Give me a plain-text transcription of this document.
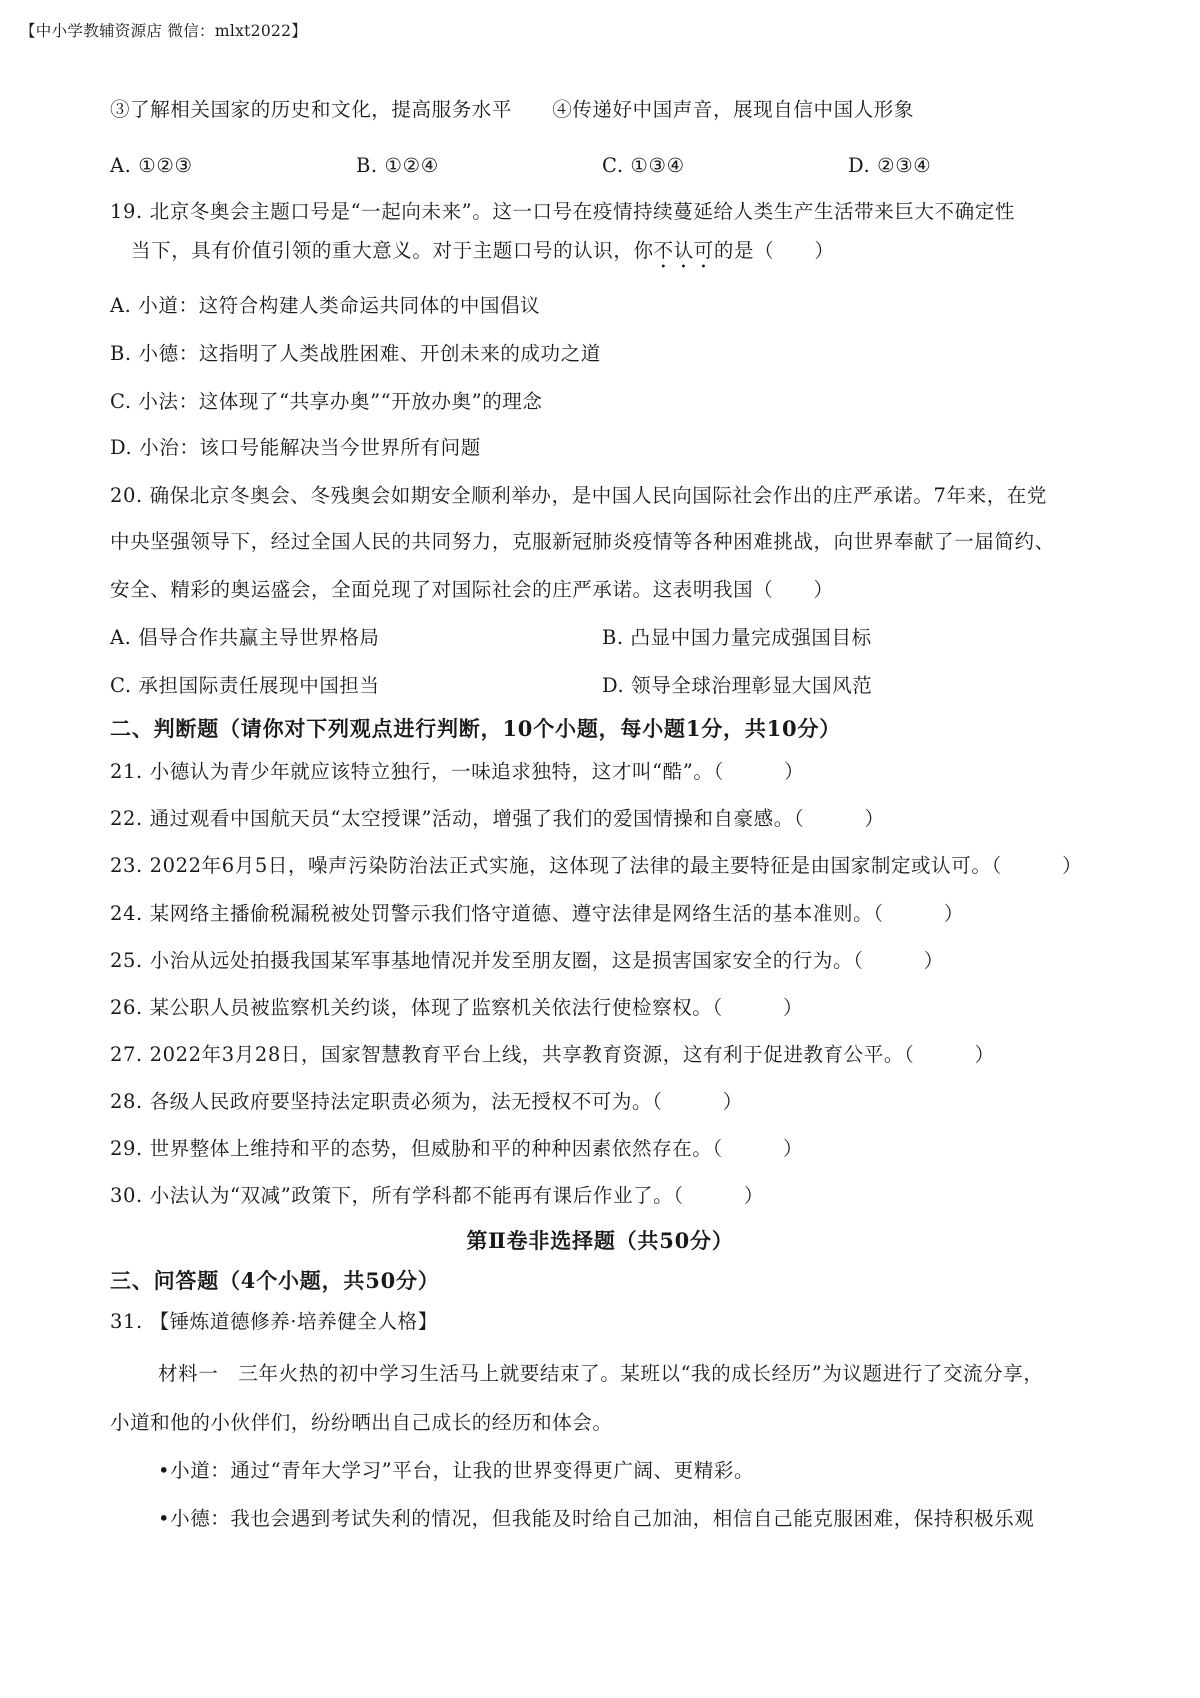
【中小学教辅资源店 微信：mlxt2022】
③了解相关国家的历史和文化，提高服务水平　　④传递好中国声音，展现自信中国人形象
A. ①②③	B. ①②④	C. ①③④	D. ②③④
19. 北京冬奥会主题口号是“一起向未来”。这一口号在疫情持续蔓延给人类生产生活带来巨大不确定性
当下，具有价值引领的重大意义。对于主题口号的认识，你不认可的是（　　）
A. 小道：这符合构建人类命运共同体的中国倡议
B. 小德：这指明了人类战胜困难、开创未来的成功之道
C. 小法：这体现了“共享办奥”“开放办奥”的理念
D. 小治：该口号能解决当今世界所有问题
20. 确保北京冬奥会、冬残奥会如期安全顺利举办，是中国人民向国际社会作出的庄严承诺。7年来，在党
中央坚强领导下，经过全国人民的共同努力，克服新冠肺炎疫情等各种困难挑战，向世界奉献了一届简约、
安全、精彩的奥运盛会，全面兑现了对国际社会的庄严承诺。这表明我国（　　）
A. 倡导合作共赢主导世界格局	B. 凸显中国力量完成强国目标
C. 承担国际责任展现中国担当	D. 领导全球治理彰显大国风范
二、判断题（请你对下列观点进行判断，10个小题，每小题1分，共10分）
21. 小德认为青少年就应该特立独行，一味追求独特，这才叫“酷”。（　　　）
22. 通过观看中国航天员“太空授课”活动，增强了我们的爱国情操和自豪感。（　　　）
23. 2022年6月5日，噪声污染防治法正式实施，这体现了法律的最主要特征是由国家制定或认可。（　　　）
24. 某网络主播偷税漏税被处罚警示我们恪守道德、遵守法律是网络生活的基本准则。（　　　）
25. 小治从远处拍摄我国某军事基地情况并发至朋友圈，这是损害国家安全的行为。（　　　）
26. 某公职人员被监察机关约谈，体现了监察机关依法行使检察权。（　　　）
27. 2022年3月28日，国家智慧教育平台上线，共享教育资源，这有利于促进教育公平。（　　　）
28. 各级人民政府要坚持法定职责必须为，法无授权不可为。（　　　）
29. 世界整体上维持和平的态势，但威胁和平的种种因素依然存在。（　　　）
30. 小法认为“双减”政策下，所有学科都不能再有课后作业了。（　　　）
第Ⅱ卷非选择题（共50分）
三、问答题（4个小题，共50分）
31. 【锤炼道德修养·培养健全人格】
材料一　三年火热的初中学习生活马上就要结束了。某班以“我的成长经历”为议题进行了交流分享，
小道和他的小伙伴们，纷纷晒出自己成长的经历和体会。
•小道：通过“青年大学习”平台，让我的世界变得更广阔、更精彩。
•小德：我也会遇到考试失利的情况，但我能及时给自己加油，相信自己能克服困难，保持积极乐观
